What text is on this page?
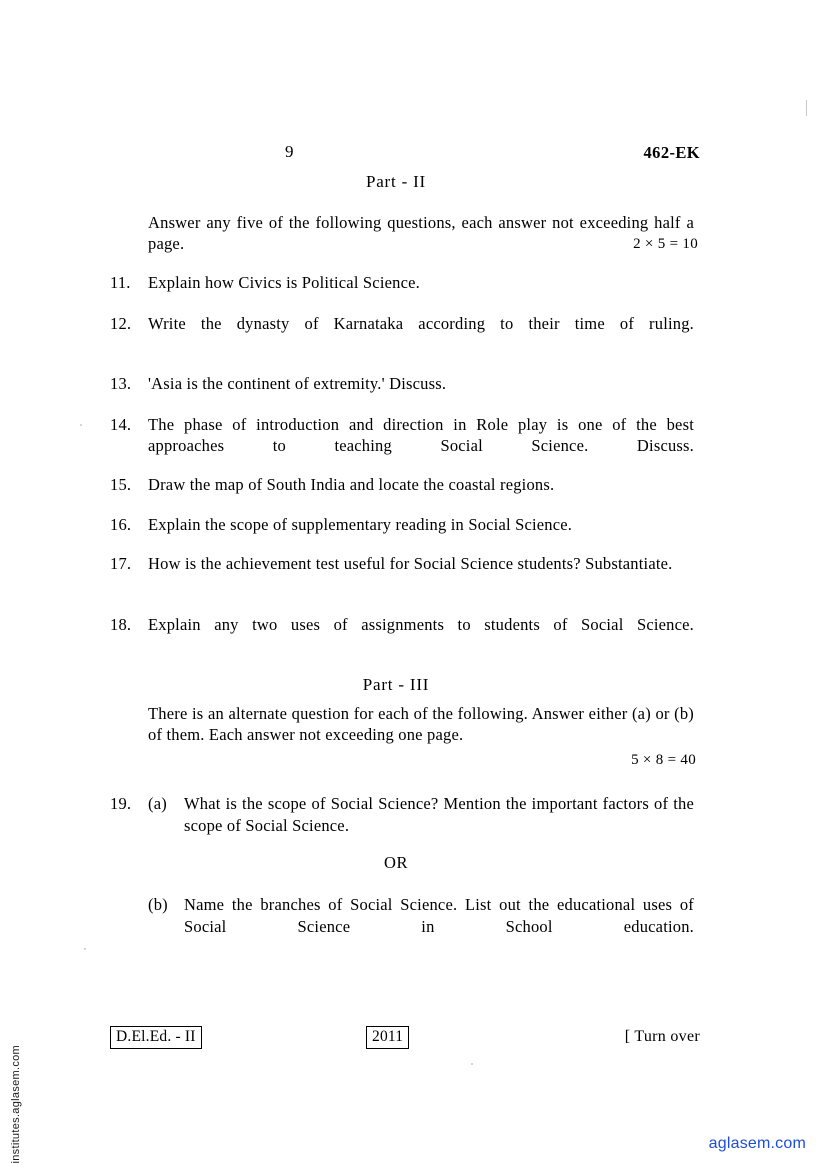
9	462-EK
Part - II
Answer any five of the following questions, each answer not exceeding half a page.	2 × 5 = 10
11.	Explain how Civics is Political Science.
12.	Write the dynasty of Karnataka according to their time of ruling.
13.	'Asia is the continent of extremity.' Discuss.
14.	The phase of introduction and direction in Role play is one of the best approaches to teaching Social Science. Discuss.
15.	Draw the map of South India and locate the coastal regions.
16.	Explain the scope of supplementary reading in Social Science.
17.	How is the achievement test useful for Social Science students? Substantiate.
18.	Explain any two uses of assignments to students of Social Science.
Part - III
There is an alternate question for each of the following. Answer either (a) or (b) of them. Each answer not exceeding one page.
5 × 8 = 40
19.	(a)	What is the scope of Social Science? Mention the important factors of the scope of Social Science.
OR
(b) Name the branches of Social Science. List out the educational uses of Social Science in School education.
D.El.Ed. - II	2011	[ Turn over
institutes.aglasem.com	aglasem.com
